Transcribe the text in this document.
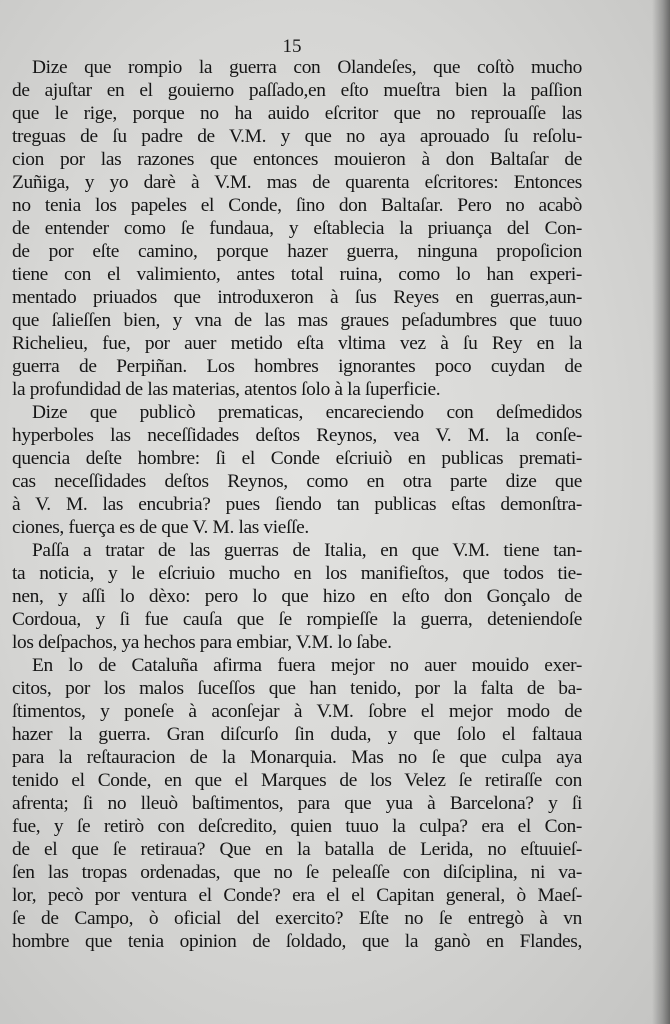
15
Dize que rompio la guerra con Olandeſes, que coſtò mucho
de ajuſtar en el gouierno paſſado,en eſto mueſtra bien la paſſion
que le rige, porque no ha auido eſcritor que no reprouaſſe las
treguas de ſu padre de V.M. y que no aya aprouado ſu reſolu-
cion por las razones que entonces mouieron à don Baltaſar de
Zuñiga, y yo darè à V.M. mas de quarenta eſcritores: Entonces
no tenia los papeles el Conde, ſino don Baltaſar. Pero no acabò
de entender como ſe fundaua, y eſtablecia la priuança del Con-
de por eſte camino, porque hazer guerra, ninguna propoſicion
tiene con el valimiento, antes total ruina, como lo han experi-
mentado priuados que introduxeron à ſus Reyes en guerras,aun-
que ſalieſſen bien, y vna de las mas graues peſadumbres que tuuo
Richelieu, fue, por auer metido eſta vltima vez à ſu Rey en la
guerra de Perpiñan. Los hombres ignorantes poco cuydan de
la profundidad de las materias, atentos ſolo à la ſuperficie.
Dize que publicò prematicas, encareciendo con deſmedidos
hyperboles las neceſſidades deſtos Reynos, vea V. M. la conſe-
quencia deſte hombre: ſi el Conde eſcriuiò en publicas premati-
cas neceſſidades deſtos Reynos, como en otra parte dize que
à V. M. las encubria? pues ſiendo tan publicas eſtas demonſtra-
ciones, fuerça es de que V. M. las vieſſe.
Paſſa a tratar de las guerras de Italia, en que V.M. tiene tan-
ta noticia, y le eſcriuio mucho en los manifieſtos, que todos tie-
nen, y aſſi lo dèxo: pero lo que hizo en eſto don Gonçalo de
Cordoua, y ſi fue cauſa que ſe rompieſſe la guerra, deteniendoſe
los deſpachos, ya hechos para embiar, V.M. lo ſabe.
En lo de Cataluña afirma fuera mejor no auer mouido exer-
citos, por los malos ſuceſſos que han tenido, por la falta de ba-
ſtimentos, y poneſe à aconſejar à V.M. ſobre el mejor modo de
hazer la guerra. Gran diſcurſo ſin duda, y que ſolo el faltaua
para la reſtauracion de la Monarquia. Mas no ſe que culpa aya
tenido el Conde, en que el Marques de los Velez ſe retiraſſe con
afrenta; ſi no lleuò baſtimentos, para que yua à Barcelona? y ſi
fue, y ſe retirò con deſcredito, quien tuuo la culpa? era el Con-
de el que ſe retiraua? Que en la batalla de Lerida, no eſtuuieſ-
ſen las tropas ordenadas, que no ſe peleaſſe con diſciplina, ni va-
lor, pecò por ventura el Conde? era el el Capitan general, ò Maeſ-
ſe de Campo, ò oficial del exercito? Eſte no ſe entregò à vn
hombre que tenia opinion de ſoldado, que la ganò en Flandes,
